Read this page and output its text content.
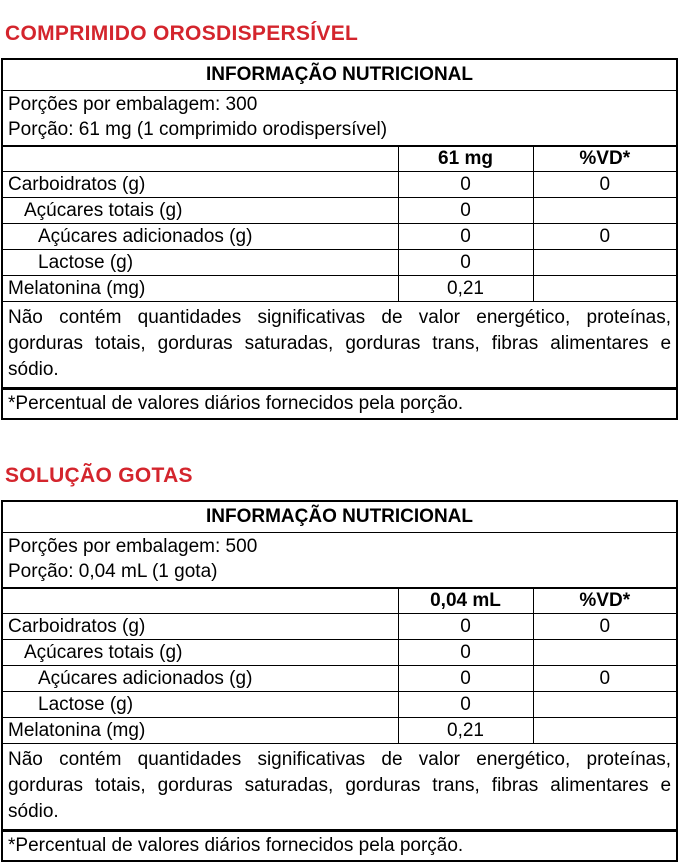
COMPRIMIDO OROSDISPERSÍVEL
INFORMAÇÃO NUTRICIONAL		

Porções por embalagem: 300
Porção: 61 mg (1 comprimido orodispersível)		

	61 mg	%VD*
Carboidratos (g)	0	0
Açúcares totais (g)	0	
Açúcares adicionados (g)	0	0
Lactose (g)	0	
Melatonina (mg)	0,21	
Não contém quantidades significativas de valor energético, proteínas, gorduras totais, gorduras saturadas, gorduras trans, fibras alimentares e sódio.		
*Percentual de valores diários fornecidos pela porção.		
SOLUÇÃO GOTAS
INFORMAÇÃO NUTRICIONAL		

Porções por embalagem: 500
Porção: 0,04 mL (1 gota)		

	0,04 mL	%VD*
Carboidratos (g)	0	0
Açúcares totais (g)	0	
Açúcares adicionados (g)	0	0
Lactose (g)	0	
Melatonina (mg)	0,21	
Não contém quantidades significativas de valor energético, proteínas, gorduras totais, gorduras saturadas, gorduras trans, fibras alimentares e sódio.		
*Percentual de valores diários fornecidos pela porção.		
